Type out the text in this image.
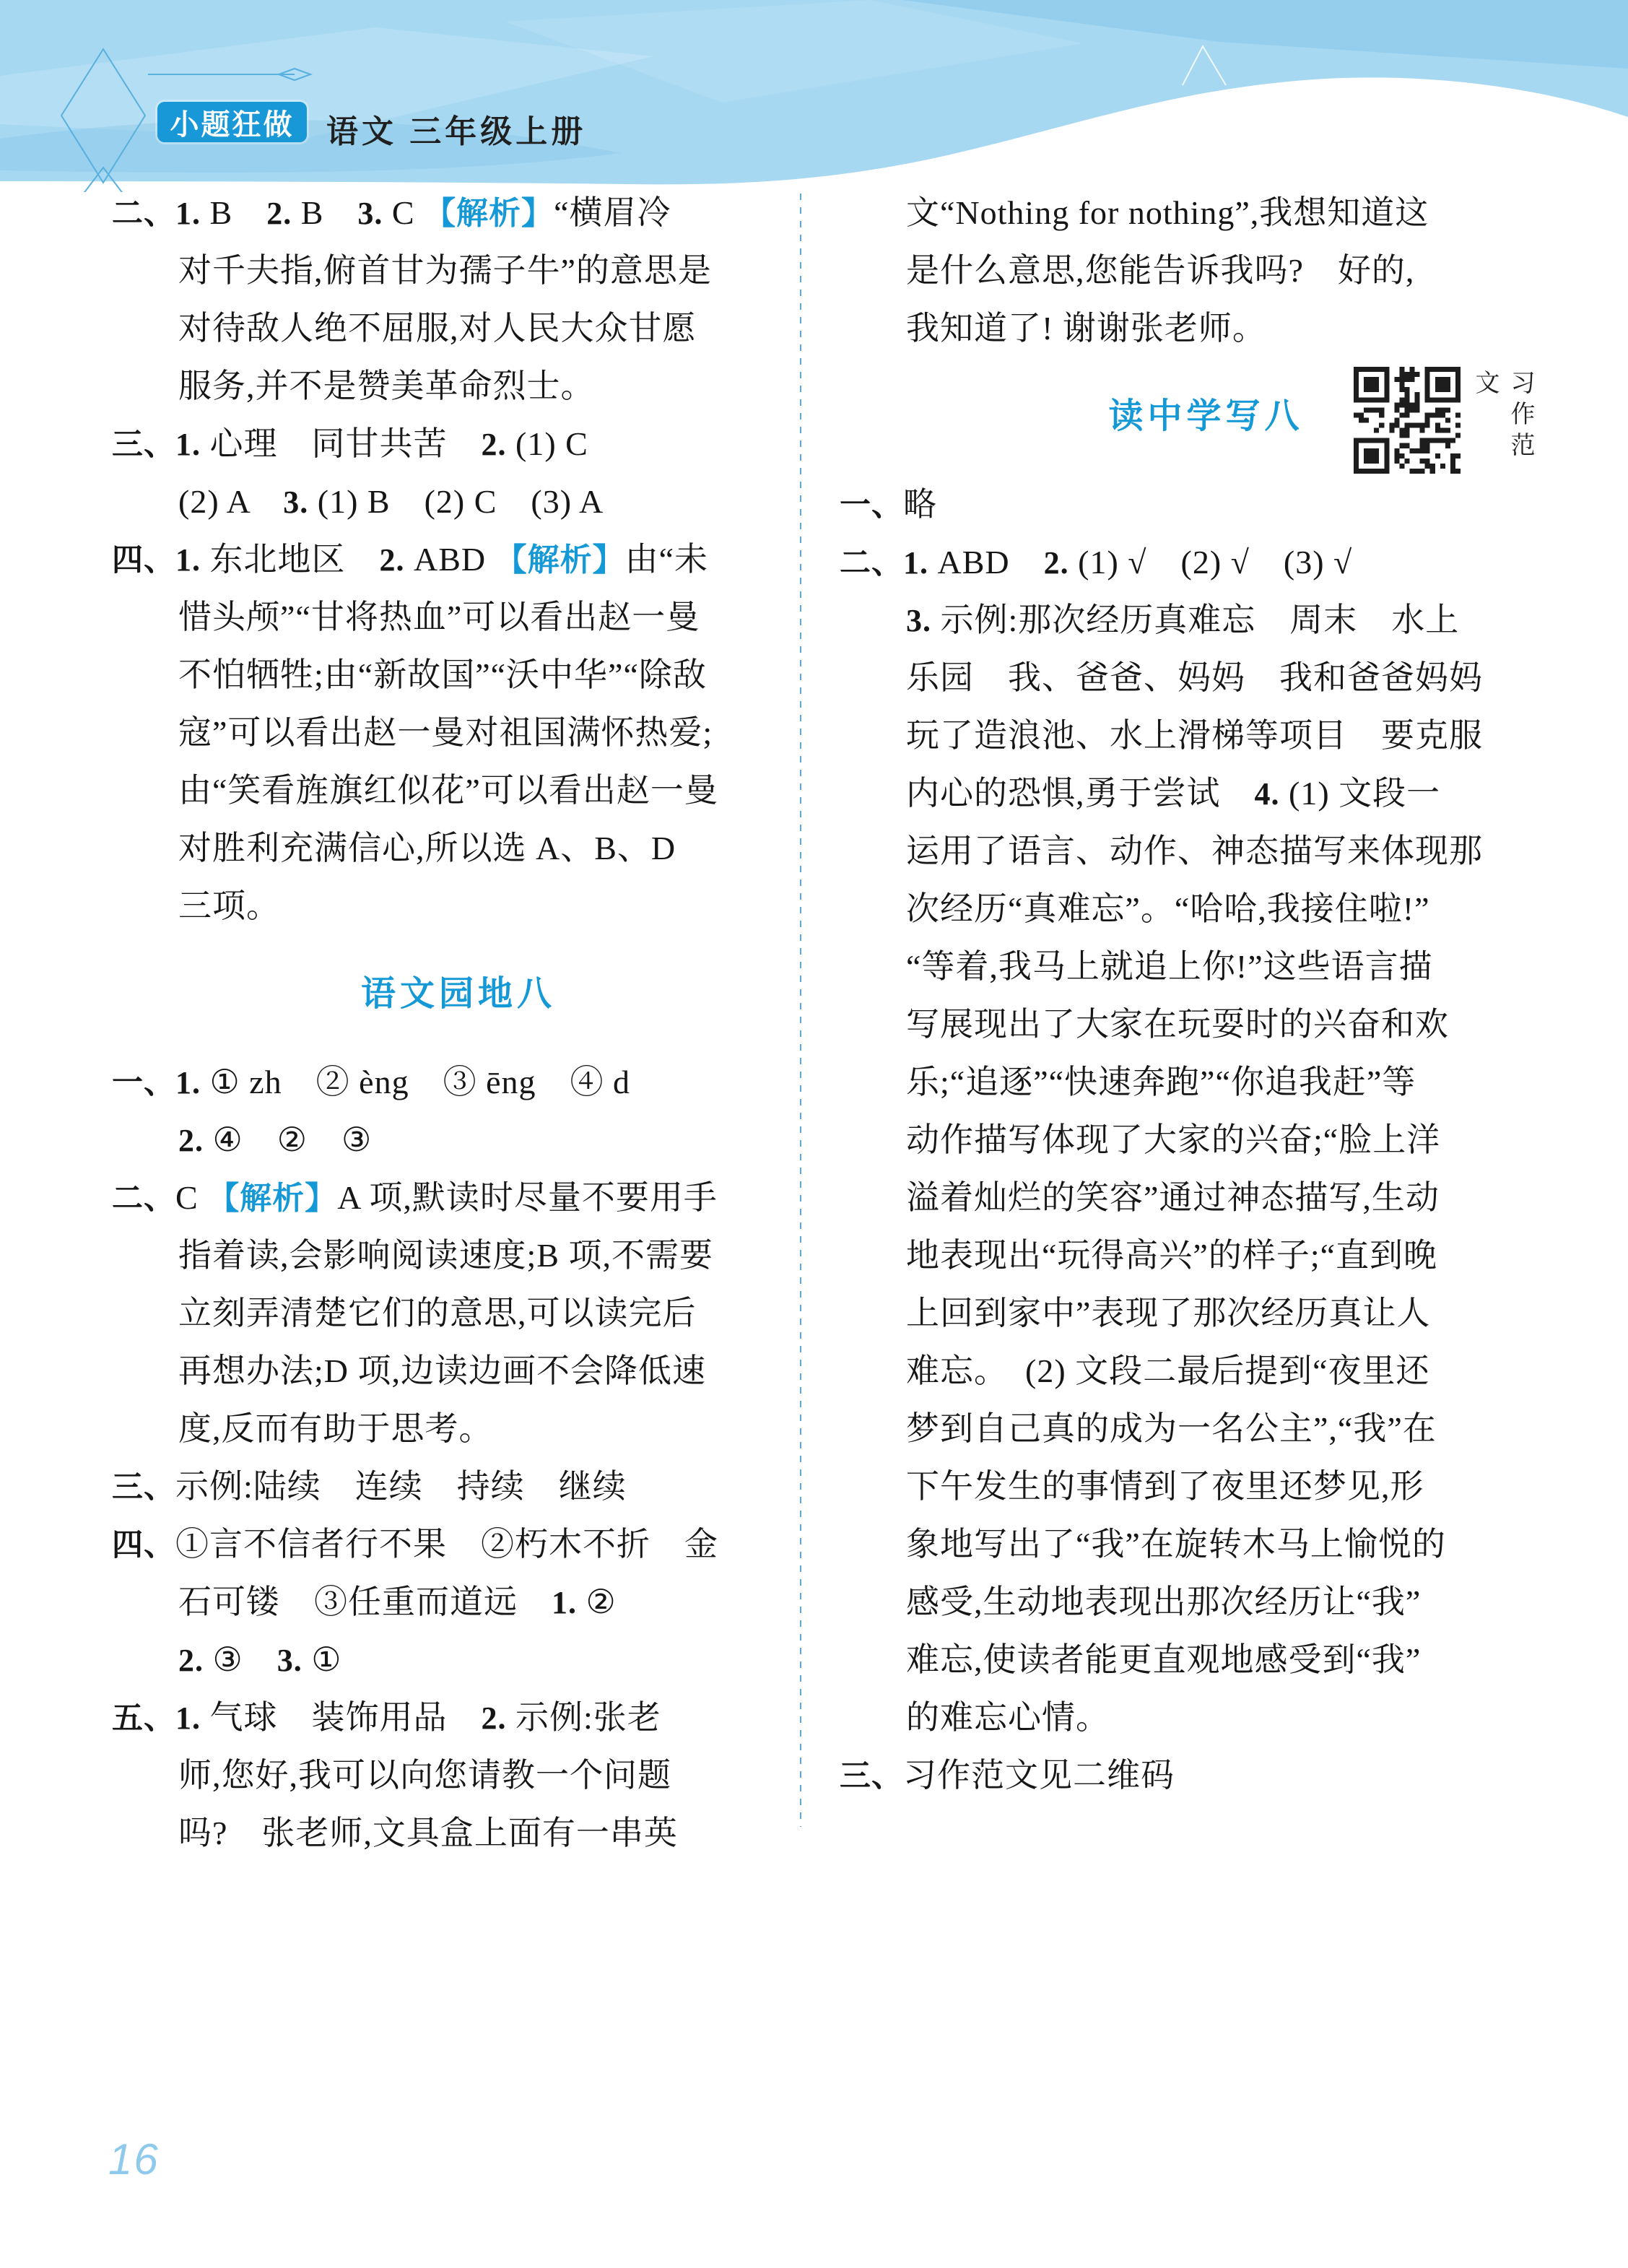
小题狂做	语文 三年级上册
二、1. B　2. B　3. C 【解析】“横眉冷
对千夫指,俯首甘为孺子牛”的意思是
对待敌人绝不屈服,对人民大众甘愿
服务,并不是赞美革命烈士。
三、1. 心理　同甘共苦　2. (1) C
(2) A　3. (1) B　(2) C　(3) A
四、1. 东北地区　2. ABD 【解析】由“未
惜头颅”“甘将热血”可以看出赵一曼
不怕牺牲;由“新故国”“沃中华”“除敌
寇”可以看出赵一曼对祖国满怀热爱;
由“笑看旌旗红似花”可以看出赵一曼
对胜利充满信心,所以选 A、B、D
三项。
语文园地八
一、1. ① zh　② èng　③ ēng　④ d
2. ④　②　③
二、C 【解析】A 项,默读时尽量不要用手
指着读,会影响阅读速度;B 项,不需要
立刻弄清楚它们的意思,可以读完后
再想办法;D 项,边读边画不会降低速
度,反而有助于思考。
三、示例:陆续　连续　持续　继续
四、①言不信者行不果　②朽木不折　金
石可镂　③任重而道远　1. ②
2. ③　3. ①
五、1. 气球　装饰用品　2. 示例:张老
师,您好,我可以向您请教一个问题
吗?　张老师,文具盒上面有一串英
文“Nothing for nothing”,我想知道这
是什么意思,您能告诉我吗?　好的,
我知道了! 谢谢张老师。
读中学写八
一、略
二、1. ABD　2. (1) √　(2) √　(3) √
3. 示例:那次经历真难忘　周末　水上
乐园　我、爸爸、妈妈　我和爸爸妈妈
玩了造浪池、水上滑梯等项目　要克服
内心的恐惧,勇于尝试　4. (1) 文段一
运用了语言、动作、神态描写来体现那
次经历“真难忘”。“哈哈,我接住啦!”
“等着,我马上就追上你!”这些语言描
写展现出了大家在玩耍时的兴奋和欢
乐;“追逐”“快速奔跑”“你追我赶”等
动作描写体现了大家的兴奋;“脸上洋
溢着灿烂的笑容”通过神态描写,生动
地表现出“玩得高兴”的样子;“直到晚
上回到家中”表现了那次经历真让人
难忘。　(2) 文段二最后提到“夜里还
梦到自己真的成为一名公主”,“我”在
下午发生的事情到了夜里还梦见,形
象地写出了“我”在旋转木马上愉悦的
感受,生动地表现出那次经历让“我”
难忘,使读者能更直观地感受到“我”
的难忘心情。
三、习作范文见二维码
习作范文
16
